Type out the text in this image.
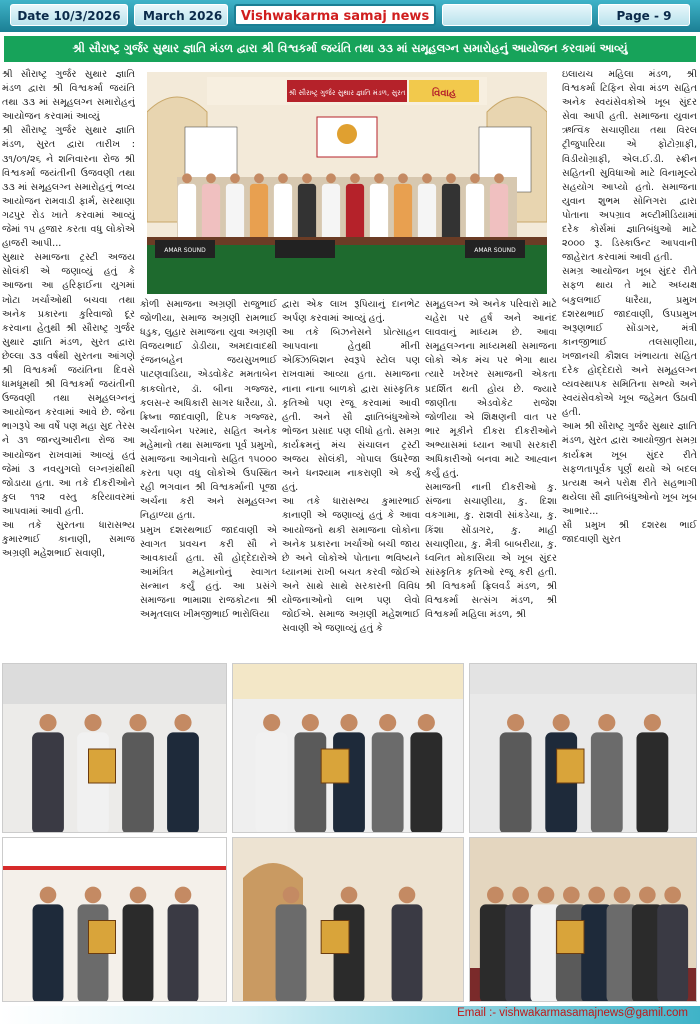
Date 10/3/2026	March 2026	Vishwakarma samaj news	Page - 9
શ્રી સૌરાષ્ટ્ર ગુર્જર સુથાર જ્ઞાતિ મંડળ દ્વારા શ્રી વિશ્વકર્મા જયંતિ તથા ૩૩ માં સમૂહલગ્ન સમારોહનું આયોજન કરવામાં આવ્યું

શ્રી સૌરાષ્ટ્ર ગુર્જર સુથાર જ્ઞાતિ મંડળ દ્વારા શ્રી વિશ્વકર્મા જયંતિ તથા ૩૩ માં સમૂહલગ્ન સમારોહનું આયોજન કરવામાં આવ્યું

શ્રી સૌરાષ્ટ્ર ગુર્જર સુથાર જ્ઞાતિ મંડળ, સુરત દ્વારા તારીખ : ૩૧/૦૧/૨૬ ને શનિવારના રોજ શ્રી વિશ્વકર્મા જયંતીની ઉજવણી તથા ૩૩ માં સમૂહલગ્ન સમારોહનું ભવ્ય આયોજન રામવાડી ફાર્મ, સરથાણા ગઢપુર રોડ ખાતે કરવામાં આવ્યું જેમાં ૧૫ હજાર કરતા વધુ લોકોએ હાજરી આપી...

સુથાર સમાજના ટ્રસ્ટી અજય સોલંકી એ જણાવ્યું હતું કે આજના આ હરિફાઈના યુગમાં ખોટા ખર્ચાઓથી બચવા તથા અનેક પ્રકારના કુરિવાજો દૂર કરવાના હેતુથી શ્રી સૌરાષ્ટ્ર ગુર્જર સુથાર જ્ઞાતિ મંડળ, સુરત દ્વારા છેલ્લા ૩૩ વર્ષથી સુરતના આંગણે શ્રી વિશ્વકર્મા જયંતિના દિવસે ધામધૂમથી શ્રી વિશ્વકર્મા જયંતીની ઉજવણી તથા સમૂહલગ્નનું આયોજન કરવામાં આવે છે. જેના ભાગરૂપે આ વર્ષે પણ મહા સુદ તેરસ ને ૩૧ જાન્યુઆરીના રોજ આ આયોજન રાખવામાં આવ્યું હતું જેમાં ૩ નવયુગલો લગ્નગ્રંથીથી જોડાયા હતા. આ તકે દીકરીઓને કુલ ૧૧૨ વસ્તુ કરિયાવરમાં આપવામાં આવી હતી.

આ તકે સુરતના ધારાસભ્ય કુમારભાઈ કાનાણી, સમાજ અગ્રણી મહેશભાઈ સવાણી,

કોળી સમાજના અગ્રણી રાજુભાઈ જોળીયા, સમાજ અગ્રણી રામભાઈ ધડુક, લુહાર સમાજના યુવા અગ્રણી વિજયભાઈ ડોડીયા, અમદાવાદથી રંજનબહેન જયસુખભાઈ પાટણવાડિયા, એડવોકેટ મમતાબેન કાકલોતર, ડૉ. બીના ગજ્જર, કલસ-ર અધિકારી સાગર ધારૈયા, ડો. ક્રિષ્ના જાદવાણી, દિપક ગજ્જર, અર્ચનાબેન પરમાર, સહિત અનેક મહેમાનો તથા સમાજના પૂર્વ પ્રમુખો, સમાજના આગેવાનો સહિત ૧૫૦૦૦ કરતા પણ વધુ લોકોએ ઉપસ્થિત રહી ભગવાન શ્રી વિશ્વકર્માની પૂજા અર્ચના કરી અને સમૂહલગ્ન નિહાળ્યા હતા.

પ્રમુખ દશરથભાઈ જાદવાણી એ સ્વાગત પ્રવચન કરી સૌ ને આવકાર્યા હતા. સૌ હોદ્દેદારોએ આમંત્રિત મહેમાનોનું સ્વાગત સન્માન કર્યું હતું. આ પ્રસંગે સમાજના ભામાશા રાજકોટના શ્રી અમૃતલાલ ખીમજીભાઈ ભારોલિયા

દ્વારા એક લાખ રૂપિયાનું દાનભેટ અર્પણ કરવામાં આવ્યું હતું.

આ તકે બિઝનેસને પ્રોત્સાહન આપવાના હેતુથી મીની એક્ઝિબિશન સ્વરૂપે સ્ટોલ પણ રાખવામાં આવ્યા હતા. સમાજના નાના નાના બાળકો દ્વારા સાંસ્કૃતિક કૃતિઓ પણ રજૂ કરવામાં આવી હતી. અને સૌ જ્ઞાતિબંધુઓએ ભોજન પ્રસાદ પણ લીધો હતો. સમગ્ર કાર્યક્રમનું મંચ સંચાલન ટ્રસ્ટી અજય સોલંકી, ગોપાલ ઉધરેજા અને ધનશ્યામ નાકરાણી એ કર્યું હતું.

આ તકે ધારાસભ્ય કુમારભાઈ કાનાણી એ જણાવ્યું હતું કે આવા આયોજનો થકી સમાજના લોકોના અનેક પ્રકારના ખર્ચાઓ બચી જાય છે અને લોકોએ પોતાના ભવિષ્યને ધ્યાનમાં રાખી બચત કરવી જોઈએ અને સાથે સાથે સરકારની વિવિધ યોજનાઓનો લાભ પણ લેવો જોઈએ. સમાજ અગ્રણી મહેશભાઈ સવાણી એ જણાવ્યું હતું કે

સમૂહલગ્ન એ અનેક પરિવારો માટે ચહેરા પર હર્ષ અને આનંદ લાવવાનું માધ્યમ છે. આવા સમૂહલગ્નના માધ્યમથી સમાજના લોકો એક મંચ પર ભેગા થાય ત્યારે ખરેખર સમાજની એકતા પ્રદર્શિત થતી હોય છે. જ્યારે જાણીતા એડવોકેટ રાજેશ જોળીયા એ શિક્ષણની વાત પર ભાર મૂકીને દીકરા દીકરીઓને અભ્યાસમાં ધ્યાન આપી સરકારી અધિકારીઓ બનવા માટે આહ્વાન કર્યું હતું.

સમાજની નાની દીકરીઓ કુ. સંજના સચાણીયા, કુ. દિશા વકગામા, કુ. રાશવી સાંકડેચા, કુ. કિંશા સોંડાગર, કુ. માહી સચાણીયા, કુ. મૈત્રી બાબરીયા, કુ. ધ્વનિત મોકાસિયા એ ખૂબ સુંદર સાંસ્કૃતિક કૃતિઓ રજૂ કરી હતી. શ્રી વિશ્વકર્મા ફ્રિલવર્ડ મંડળ, શ્રી વિશ્વકર્મા સત્સંગ મંડળ, શ્રી વિશ્વકર્મા મહિલા મંડળ, શ્રી

ઇલાયચ મહિલા મંડળ, શ્રી વિશ્વકર્મા ટિફિન સેવા મંડળ સહિત અનેક સ્વયંસેવકોએ ખૂબ સુંદર સેવા આપી હતી. સમાજના યુવાન ઋત્વિક સચાણીયા તથા વિરલ ટ્રીજુપારિયા એ ફોટોગ્રાફી, વિડીયોગ્રાફી, એલ.ઈ.ડી. સ્ક્રીન સહિતની સુવિધાઓ માટે વિનામૂલ્યે સહયોગ આપ્યો હતો. સમાજના યુવાન શુભમ સોનિગરા દ્વારા પોતાના અપગ્રાવ મલ્ટીમીડિયામાં દરેક કોર્સમાં જ્ઞાતિબંધુઓ માટે ૨૦૦૦ રૂ. ડિસ્કાઉન્ટ આપવાની જાહેરાત કરવામાં આવી હતી.

સમગ્ર આયોજન ખૂબ સુંદર રીતે સફળ થાય તે માટે અધ્યક્ષ બકુલભાઈ ધારૈયા, પ્રમુખ દશરથભાઈ જાદવાણી, ઉપપ્રમુખ અરૂણભાઈ સોંડાગર, મંત્રી કાનજીભાઈ તલસાણીયા, ખજાનચી કૌશલ ખંભાયતા સહિત દરેક હોદ્દેદારો અને સમૂહલગ્ન વ્યવસ્થાપક સમિતિના સભ્યો અને સ્વયંસેવકોએ ખૂબ જહેમત ઉઠાવી હતી.

આમ શ્રી સૌરાષ્ટ્ર ગુર્જર સુથાર જ્ઞાતિ મંડળ, સુરત દ્વારા આયોજીત સમગ્ર કાર્યક્રમ ખૂબ સુંદર રીતે સફળતાપૂર્વક પૂર્ણ થયો એ બદલ પ્રત્યક્ષ અને પરોક્ષ રીતે સહભાગી થયેલા સૌ જ્ઞાતિબંધુઓનો ખૂબ ખૂબ આભાર...

સૌ પ્રમુખ શ્રી દશરથ ભાઈ જાદવાણી સુરત

શ્રી સૌરાષ્ટ્ર ગુર્જર સુથાર જ્ઞાતિ મંડળ, સુરત	વિવાહ
AMAR SOUND	AMAR SOUND
Email :- vishwakarmasamajnews@gamil.com
